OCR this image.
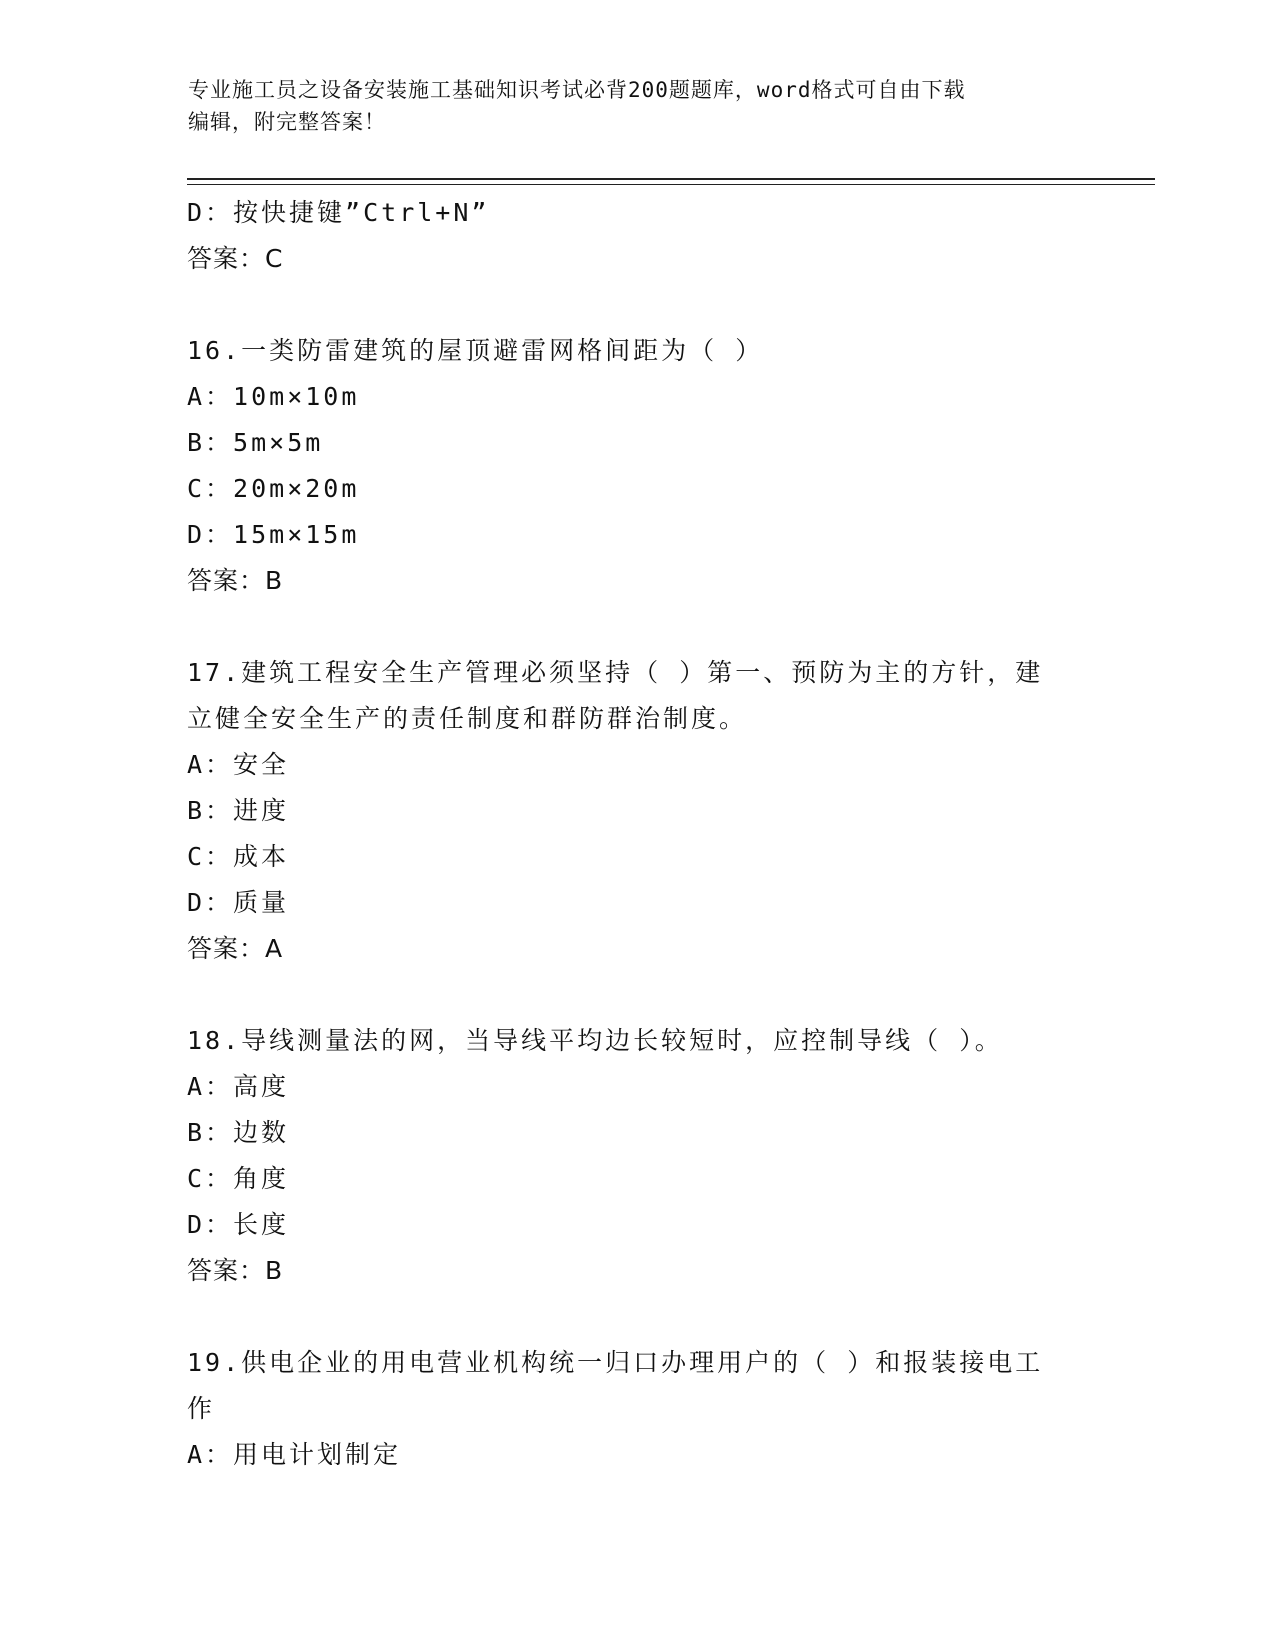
专业施工员之设备安装施工基础知识考试必背200题题库，word格式可自由下载
编辑，附完整答案！
D：按快捷键”Ctrl+N”
答案：C
16.一类防雷建筑的屋顶避雷网格间距为（ ）
A：10m×10m
B：5m×5m
C：20m×20m
D：15m×15m
答案：B
17.建筑工程安全生产管理必须坚持（ ）第一、预防为主的方针，建
立健全安全生产的责任制度和群防群治制度。
A：安全
B：进度
C：成本
D：质量
答案：A
18.导线测量法的网，当导线平均边长较短时，应控制导线（ ）。
A：高度
B：边数
C：角度
D：长度
答案：B
19.供电企业的用电营业机构统一归口办理用户的（ ）和报装接电工
作
A：用电计划制定
